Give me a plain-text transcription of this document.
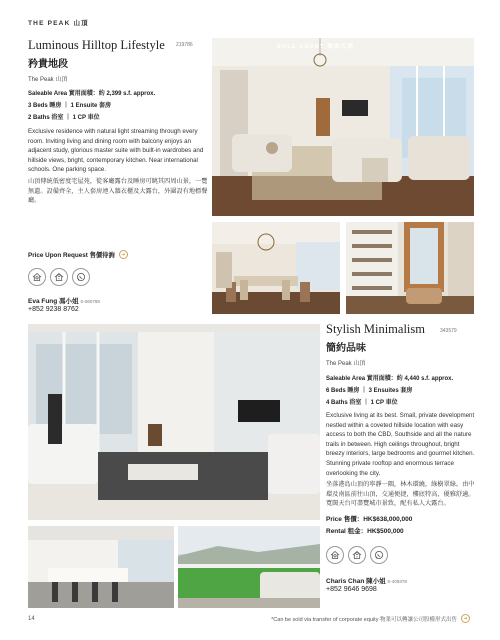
THE PEAK 山頂
Luminous Hilltop Lifestyle
矜貴地段
The Peak 山頂
Saleable Area 實用面積：約 2,399 s.f. approx.
3 Beds 睡房 ｜ 1 Ensuite 套房
2 Baths 浴室 ｜ 1 CP 車位
Exclusive residence with natural light streaming through every room. Inviting living and dining room with balcony enjoys an adjacent study, glorious master suite with built-in wardrobes and hillside views, bright, contemporary kitchen. Near international schools. One parking space.
山頂傳統低密度宅屋苑，從客廳露台及睡房可眺其四周山景，一覽無遺。設備齊全，主人套房連入牆衣櫃及大露台，外圍設有地標餐廳。
219786
Price Upon Request 售價待詢	➜
Eva Fung 馮小姐 S-060788
+852 9238 8762
SOLE AGENT 獨家代理
Stylish Minimalism
簡約品味
The Peak 山頂
Saleable Area 實用面積：約 4,440 s.f. approx.
6 Beds 睡房 ｜ 3 Ensuites 套房
4 Baths 浴室 ｜ 1 CP 車位
Exclusive living at its best. Small, private development nestled within a coveted hillside location with easy access to both the CBD, Southside and all the nature trails in between. High ceilings throughout, bright breezy interiors, large bedrooms and gourmet kitchen. Stunning private rooftop and enormous terrace overlooking the city.
坐落港島山頂的寧靜一隅，林木環繞，綠樹翠綠。由中環及南區前往山頂，交通便捷，樓底特高，優雅舒適。寬闊天台可盡覽城市景致，配有私人大露台。
Price 售價：HK$638,000,000
Rental 租金：HK$500,000
343579
Charis Chan 陳小姐 S-409378
+852 9646 9698
14	*Can be sold via transfer of corporate equity 物業可以轉讓公司股權形式出售	➜
